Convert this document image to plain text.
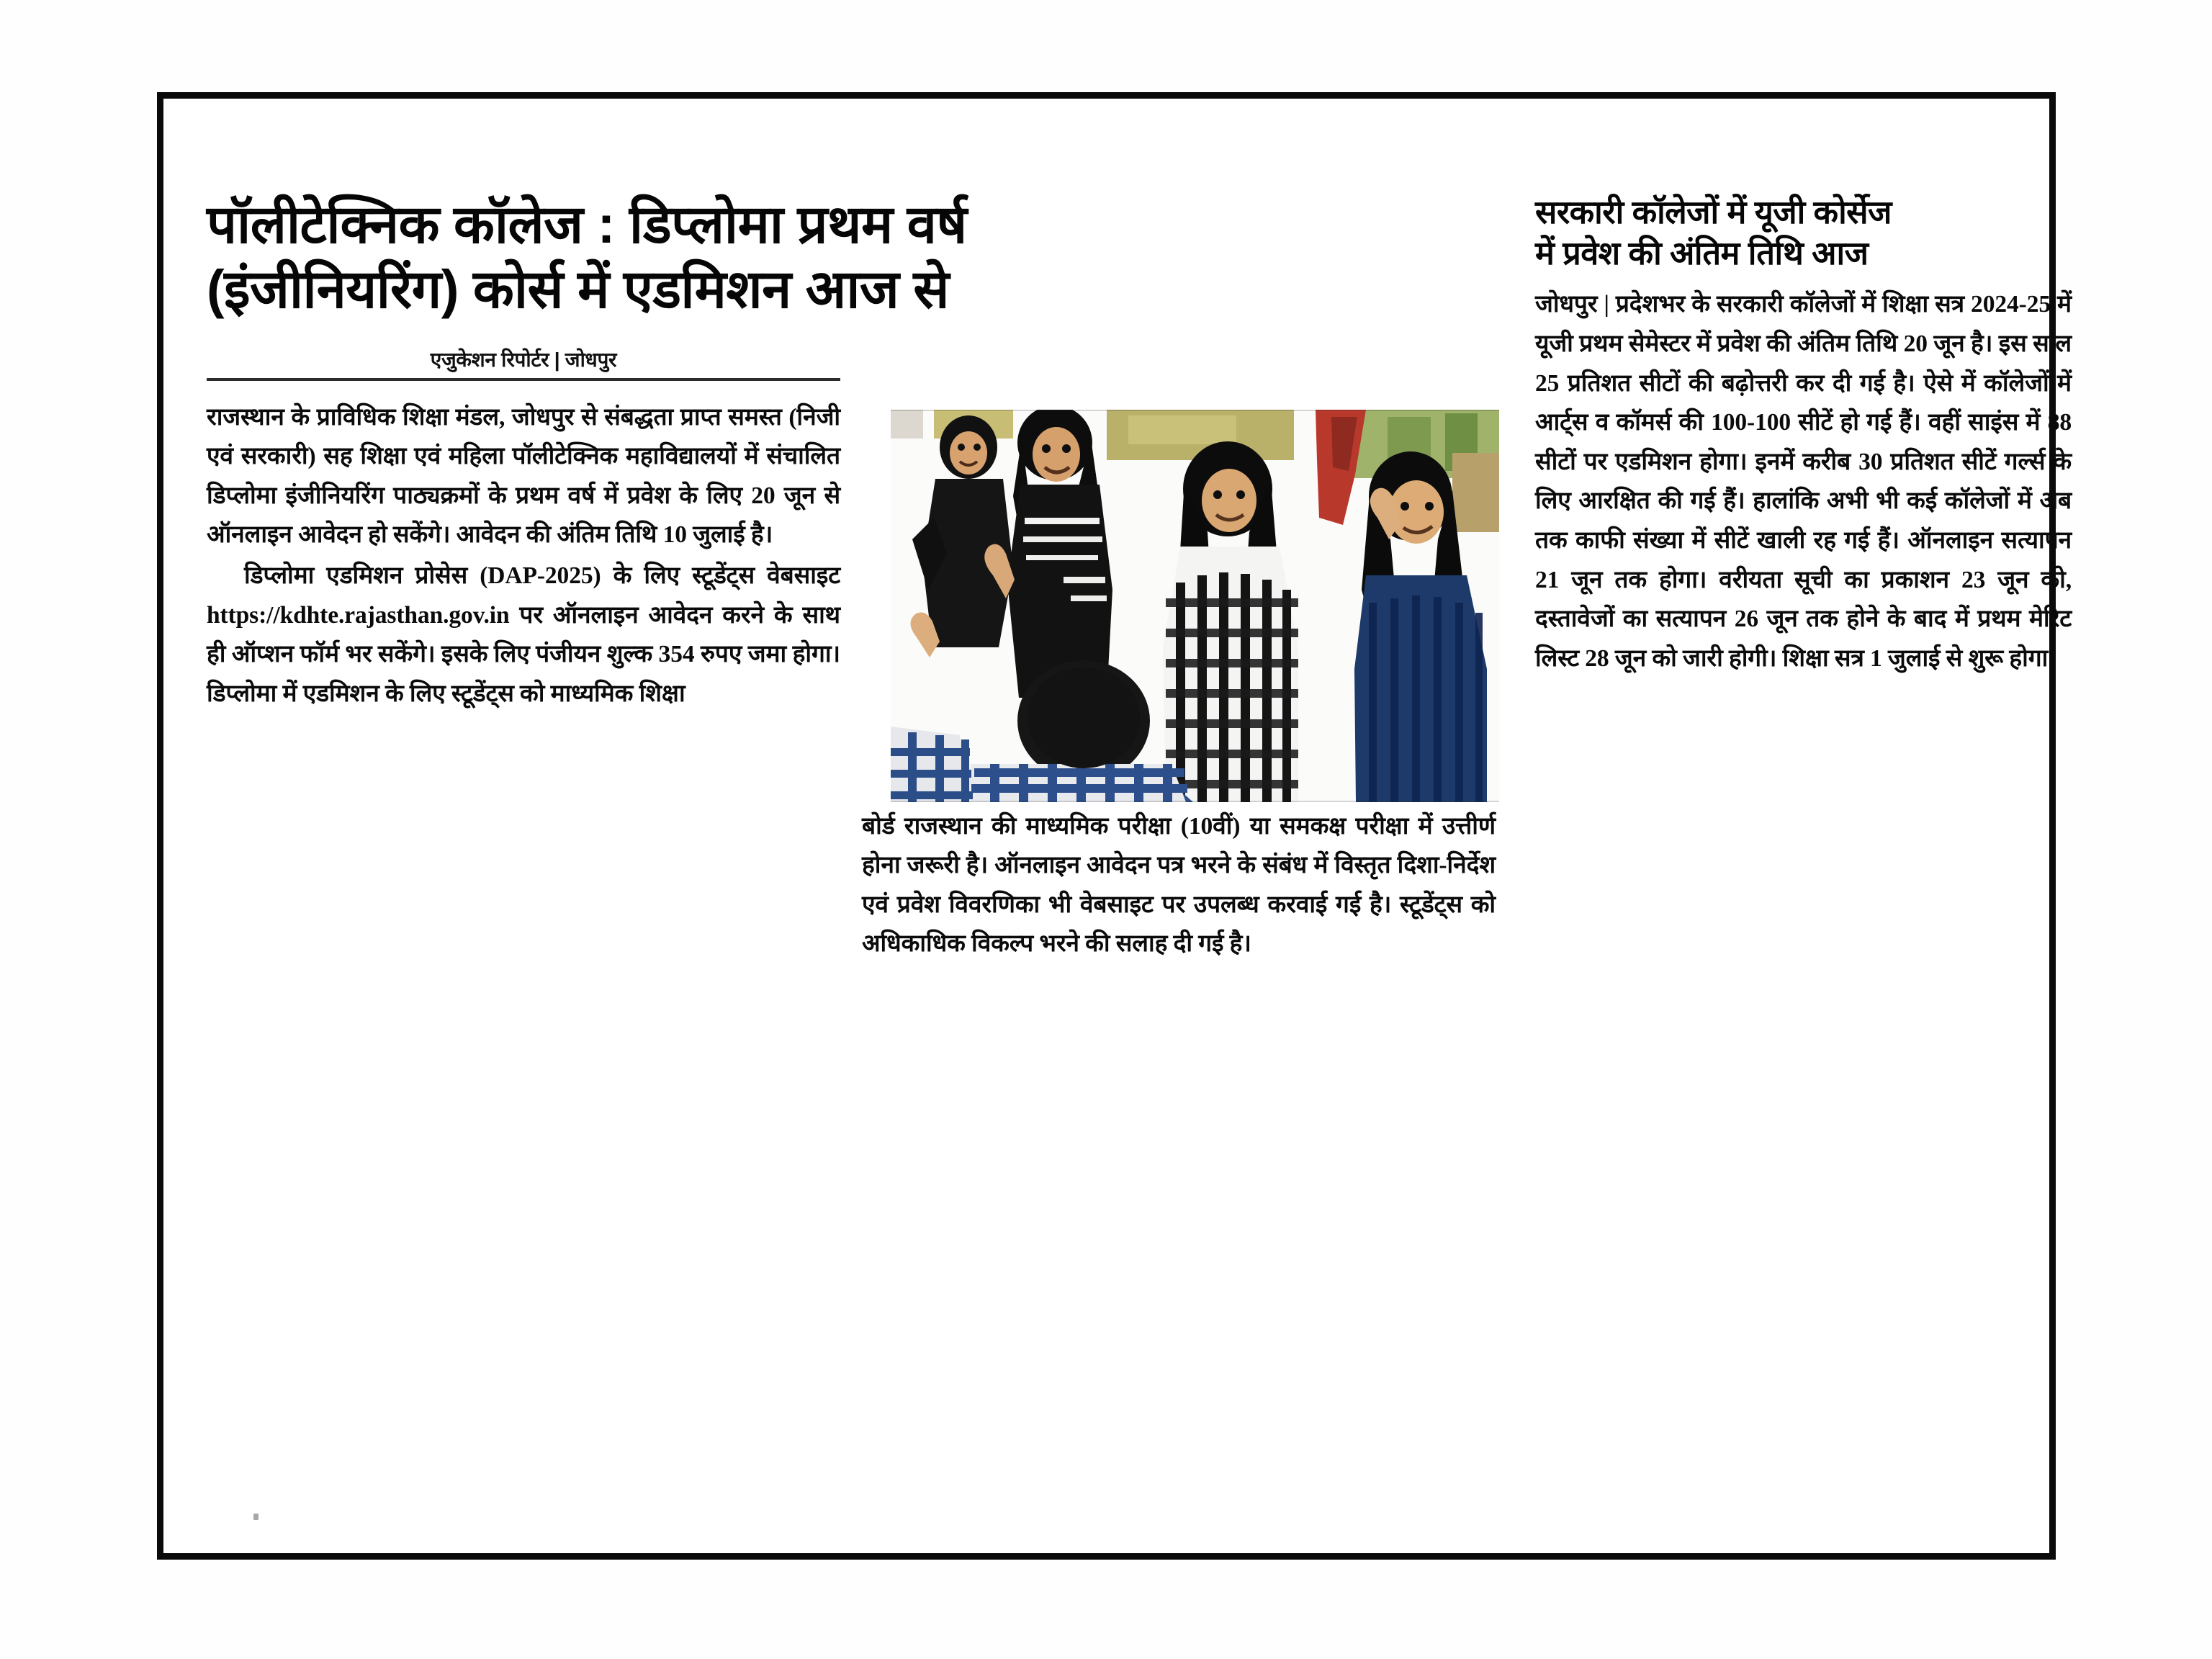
पॉलीटेक्निक कॉलेज : डिप्लोमा प्रथम वर्ष
(इंजीनियरिंग) कोर्स में एडमिशन आज से
एजुकेशन रिपोर्टर | जोधपुर

राजस्थान के प्राविधिक शिक्षा मंडल, जोधपुर से संबद्धता प्राप्त समस्त (निजी एवं सरकारी) सह शिक्षा एवं महिला पॉलीटेक्निक महाविद्यालयों में संचालित डिप्लोमा इंजीनियरिंग पाठ्यक्रमों के प्रथम वर्ष में प्रवेश के लिए 20 जून से ऑनलाइन आवेदन हो सकेंगे। आवेदन की अंतिम तिथि 10 जुलाई है।

डिप्लोमा एडमिशन प्रोसेस (DAP-2025) के लिए स्टूडेंट्स वेबसाइट https://kdhte.rajasthan.gov.in पर ऑनलाइन आवेदन करने के साथ ही ऑप्शन फॉर्म भर सकेंगे। इसके लिए पंजीयन शुल्क 354 रुपए जमा होगा। डिप्लोमा में एडमिशन के लिए स्टूडेंट्स को माध्यमिक शिक्षा

बोर्ड राजस्थान की माध्यमिक परीक्षा (10वीं) या समकक्ष परीक्षा में उत्तीर्ण होना जरूरी है। ऑनलाइन आवेदन पत्र भरने के संबंध में विस्तृत दिशा-निर्देश एवं प्रवेश विवरणिका भी वेबसाइट पर उपलब्ध करवाई गई है। स्टूडेंट्स को अधिकाधिक विकल्प भरने की सलाह दी गई है।

सरकारी कॉलेजों में यूजी कोर्सेज
में प्रवेश की अंतिम तिथि आज

जोधपुर | प्रदेशभर के सरकारी कॉलेजों में शिक्षा सत्र 2024-25 में यूजी प्रथम सेमेस्टर में प्रवेश की अंतिम तिथि 20 जून है। इस साल 25 प्रतिशत सीटों की बढ़ोत्तरी कर दी गई है। ऐसे में कॉलेजों में आर्ट्स व कॉमर्स की 100-100 सीटें हो गई हैं। वहीं साइंस में 88 सीटों पर एडमिशन होगा। इनमें करीब 30 प्रतिशत सीटें गर्ल्स के लिए आरक्षित की गई हैं। हालांकि अभी भी कई कॉलेजों में अब तक काफी संख्या में सीटें खाली रह गई हैं। ऑनलाइन सत्यापन 21 जून तक होगा। वरीयता सूची का प्रकाशन 23 जून को, दस्तावेजों का सत्यापन 26 जून तक होने के बाद में प्रथम मेरिट लिस्ट 28 जून को जारी होगी। शिक्षा सत्र 1 जुलाई से शुरू होगा।
